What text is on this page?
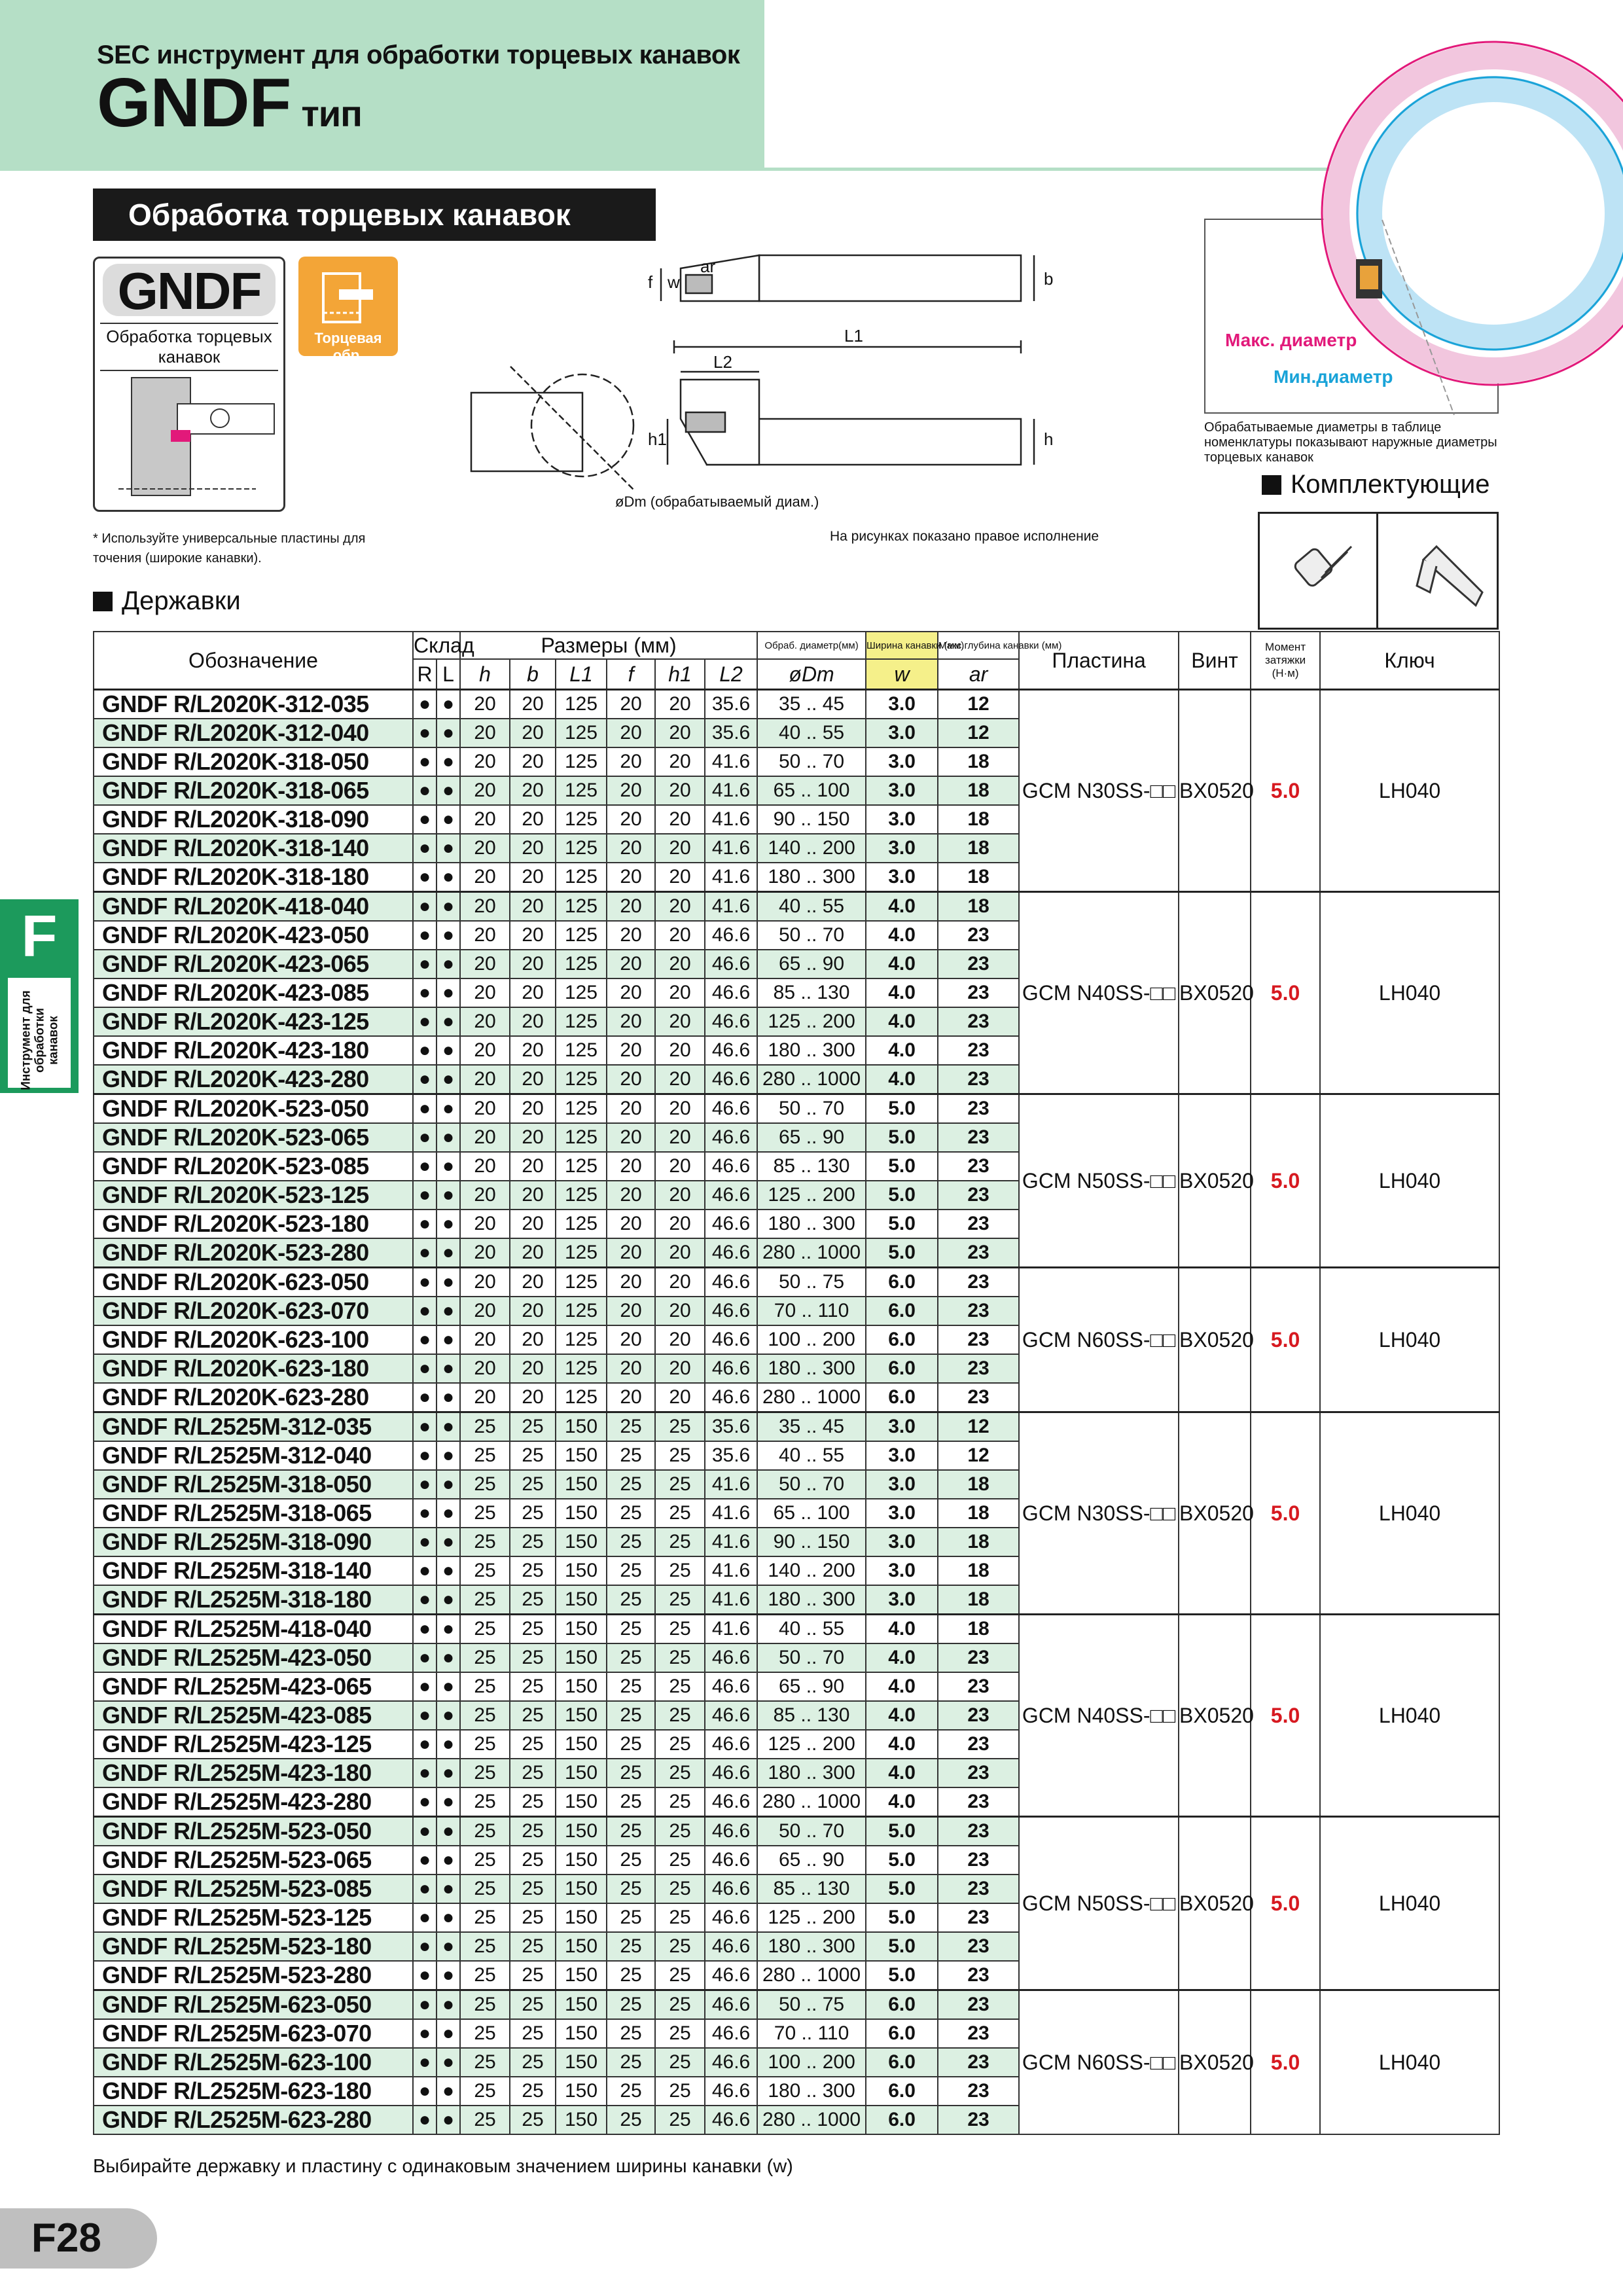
SEC инструмент для обработки торцевых канавок
GNDF тип
Обработка торцевых канавок
GNDF
Обработка торцевых канавок
Торцевая обр.
f w
ar
b
L1
L2
h1	h
øDm (обрабатываемый диам.)
* Используйте универсальные пластины для точения (широкие канавки).
На рисунках показано правое исполнение
Макс. диаметр
Мин.диаметр
Обрабатываемые диаметры в таблице номенклатуры показывают наружные диаметры торцевых канавок
Комплектующие
Державки
Обозначение	Склад		Размеры (мм)						Обраб. диаметр(мм)	Ширина канавки (мм)	Макс.глубина канавки (мм)	Пластина	Винт	Момент затяжки (Н·м)	Ключ
	R	L	h	b	L1	f	h1	L2	øDm	w	ar				
GNDF R/L2020K-312-035	●	●	20	20	125	20	20	35.6	35 .. 45	3.0	12	GCM N30SS-□□	BX0520	5.0	LH040
GNDF R/L2020K-312-040	●	●	20	20	125	20	20	35.6	40 .. 55	3.0	12				
GNDF R/L2020K-318-050	●	●	20	20	125	20	20	41.6	50 .. 70	3.0	18				
GNDF R/L2020K-318-065	●	●	20	20	125	20	20	41.6	65 .. 100	3.0	18				
GNDF R/L2020K-318-090	●	●	20	20	125	20	20	41.6	90 .. 150	3.0	18				
GNDF R/L2020K-318-140	●	●	20	20	125	20	20	41.6	140 .. 200	3.0	18				
GNDF R/L2020K-318-180	●	●	20	20	125	20	20	41.6	180 .. 300	3.0	18				
GNDF R/L2020K-418-040	●	●	20	20	125	20	20	41.6	40 .. 55	4.0	18	GCM N40SS-□□	BX0520	5.0	LH040
GNDF R/L2020K-423-050	●	●	20	20	125	20	20	46.6	50 .. 70	4.0	23				
GNDF R/L2020K-423-065	●	●	20	20	125	20	20	46.6	65 .. 90	4.0	23				
GNDF R/L2020K-423-085	●	●	20	20	125	20	20	46.6	85 .. 130	4.0	23				
GNDF R/L2020K-423-125	●	●	20	20	125	20	20	46.6	125 .. 200	4.0	23				
GNDF R/L2020K-423-180	●	●	20	20	125	20	20	46.6	180 .. 300	4.0	23				
GNDF R/L2020K-423-280	●	●	20	20	125	20	20	46.6	280 .. 1000	4.0	23				
GNDF R/L2020K-523-050	●	●	20	20	125	20	20	46.6	50 .. 70	5.0	23	GCM N50SS-□□	BX0520	5.0	LH040
GNDF R/L2020K-523-065	●	●	20	20	125	20	20	46.6	65 .. 90	5.0	23				
GNDF R/L2020K-523-085	●	●	20	20	125	20	20	46.6	85 .. 130	5.0	23				
GNDF R/L2020K-523-125	●	●	20	20	125	20	20	46.6	125 .. 200	5.0	23				
GNDF R/L2020K-523-180	●	●	20	20	125	20	20	46.6	180 .. 300	5.0	23				
GNDF R/L2020K-523-280	●	●	20	20	125	20	20	46.6	280 .. 1000	5.0	23				
GNDF R/L2020K-623-050	●	●	20	20	125	20	20	46.6	50 .. 75	6.0	23	GCM N60SS-□□	BX0520	5.0	LH040
GNDF R/L2020K-623-070	●	●	20	20	125	20	20	46.6	70 .. 110	6.0	23				
GNDF R/L2020K-623-100	●	●	20	20	125	20	20	46.6	100 .. 200	6.0	23				
GNDF R/L2020K-623-180	●	●	20	20	125	20	20	46.6	180 .. 300	6.0	23				
GNDF R/L2020K-623-280	●	●	20	20	125	20	20	46.6	280 .. 1000	6.0	23				
GNDF R/L2525M-312-035	●	●	25	25	150	25	25	35.6	35 .. 45	3.0	12	GCM N30SS-□□	BX0520	5.0	LH040
GNDF R/L2525M-312-040	●	●	25	25	150	25	25	35.6	40 .. 55	3.0	12				
GNDF R/L2525M-318-050	●	●	25	25	150	25	25	41.6	50 .. 70	3.0	18				
GNDF R/L2525M-318-065	●	●	25	25	150	25	25	41.6	65 .. 100	3.0	18				
GNDF R/L2525M-318-090	●	●	25	25	150	25	25	41.6	90 .. 150	3.0	18				
GNDF R/L2525M-318-140	●	●	25	25	150	25	25	41.6	140 .. 200	3.0	18				
GNDF R/L2525M-318-180	●	●	25	25	150	25	25	41.6	180 .. 300	3.0	18				
GNDF R/L2525M-418-040	●	●	25	25	150	25	25	41.6	40 .. 55	4.0	18	GCM N40SS-□□	BX0520	5.0	LH040
GNDF R/L2525M-423-050	●	●	25	25	150	25	25	46.6	50 .. 70	4.0	23				
GNDF R/L2525M-423-065	●	●	25	25	150	25	25	46.6	65 .. 90	4.0	23				
GNDF R/L2525M-423-085	●	●	25	25	150	25	25	46.6	85 .. 130	4.0	23				
GNDF R/L2525M-423-125	●	●	25	25	150	25	25	46.6	125 .. 200	4.0	23				
GNDF R/L2525M-423-180	●	●	25	25	150	25	25	46.6	180 .. 300	4.0	23				
GNDF R/L2525M-423-280	●	●	25	25	150	25	25	46.6	280 .. 1000	4.0	23				
GNDF R/L2525M-523-050	●	●	25	25	150	25	25	46.6	50 .. 70	5.0	23	GCM N50SS-□□	BX0520	5.0	LH040
GNDF R/L2525M-523-065	●	●	25	25	150	25	25	46.6	65 .. 90	5.0	23				
GNDF R/L2525M-523-085	●	●	25	25	150	25	25	46.6	85 .. 130	5.0	23				
GNDF R/L2525M-523-125	●	●	25	25	150	25	25	46.6	125 .. 200	5.0	23				
GNDF R/L2525M-523-180	●	●	25	25	150	25	25	46.6	180 .. 300	5.0	23				
GNDF R/L2525M-523-280	●	●	25	25	150	25	25	46.6	280 .. 1000	5.0	23				
GNDF R/L2525M-623-050	●	●	25	25	150	25	25	46.6	50 .. 75	6.0	23	GCM N60SS-□□	BX0520	5.0	LH040
GNDF R/L2525M-623-070	●	●	25	25	150	25	25	46.6	70 .. 110	6.0	23				
GNDF R/L2525M-623-100	●	●	25	25	150	25	25	46.6	100 .. 200	6.0	23				
GNDF R/L2525M-623-180	●	●	25	25	150	25	25	46.6	180 .. 300	6.0	23				
GNDF R/L2525M-623-280	●	●	25	25	150	25	25	46.6	280 .. 1000	6.0	23				
Выбирайте державку и пластину с одинаковым значением ширины канавки (w)
F
Инструмент для обработки канавок
F28
